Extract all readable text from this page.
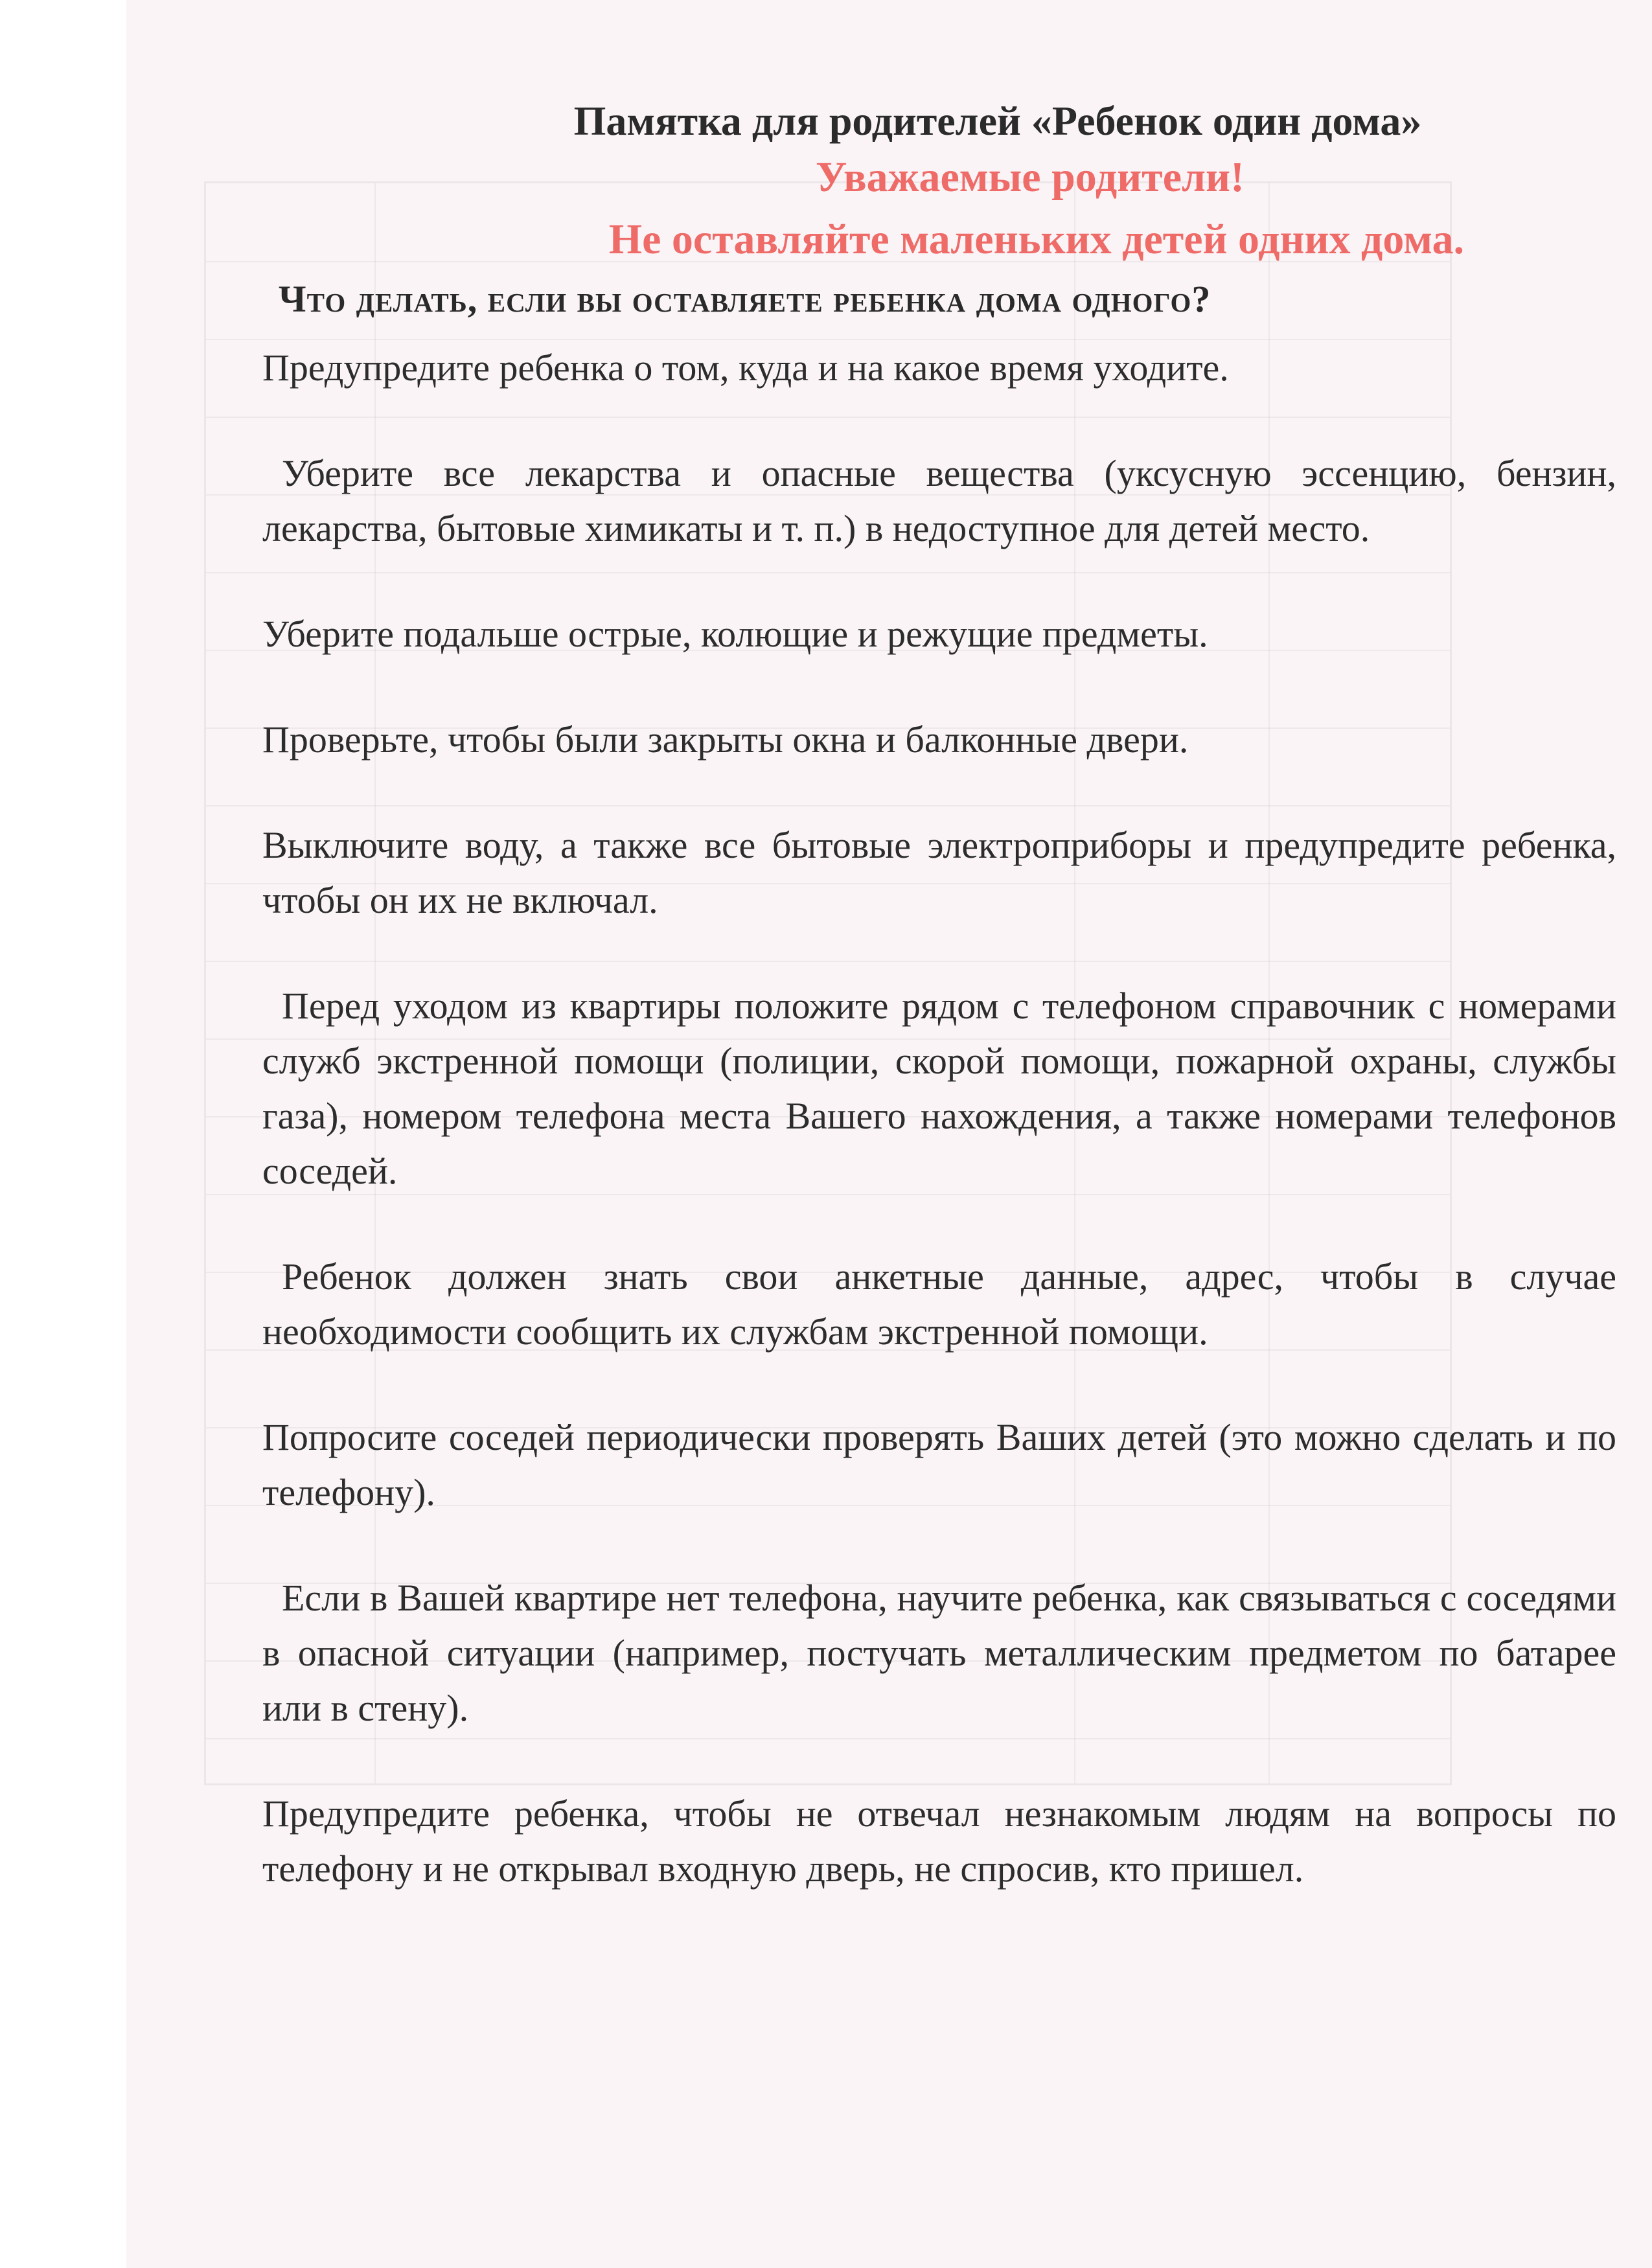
Памятка для родителей «Ребенок один дома»
Уважаемые родители!
Не оставляйте маленьких детей одних дома.
Что делать, если вы оставляете ребенка дома одного?

Предупредите ребенка о том, куда и на какое время уходите.

Уберите все лекарства и опасные вещества (уксусную эссенцию, бензин, лекарства, бытовые химикаты и т. п.) в недоступное для детей место.

Уберите подальше острые, колющие и режущие предметы.

Проверьте, чтобы были закрыты окна и балконные двери.

Выключите воду, а также все бытовые электроприборы и предупредите ребенка, чтобы он их не включал.

Перед уходом из квартиры положите рядом с телефоном справочник с номерами служб экстренной помощи (полиции, скорой помощи, пожарной охраны, службы газа), номером телефона места Вашего нахождения, а также номерами телефонов соседей.

Ребенок должен знать свои анкетные данные, адрес, чтобы в случае необходимости сообщить их службам экстренной помощи.

Попросите соседей периодически проверять Ваших детей (это можно сделать и по телефону).

Если в Вашей квартире нет телефона, научите ребенка, как связываться с соседями в опасной ситуации (например, постучать металлическим предметом по батарее или в стену).

Предупредите ребенка, чтобы не отвечал незнакомым людям на вопросы по телефону и не открывал входную дверь, не спросив, кто пришел.
